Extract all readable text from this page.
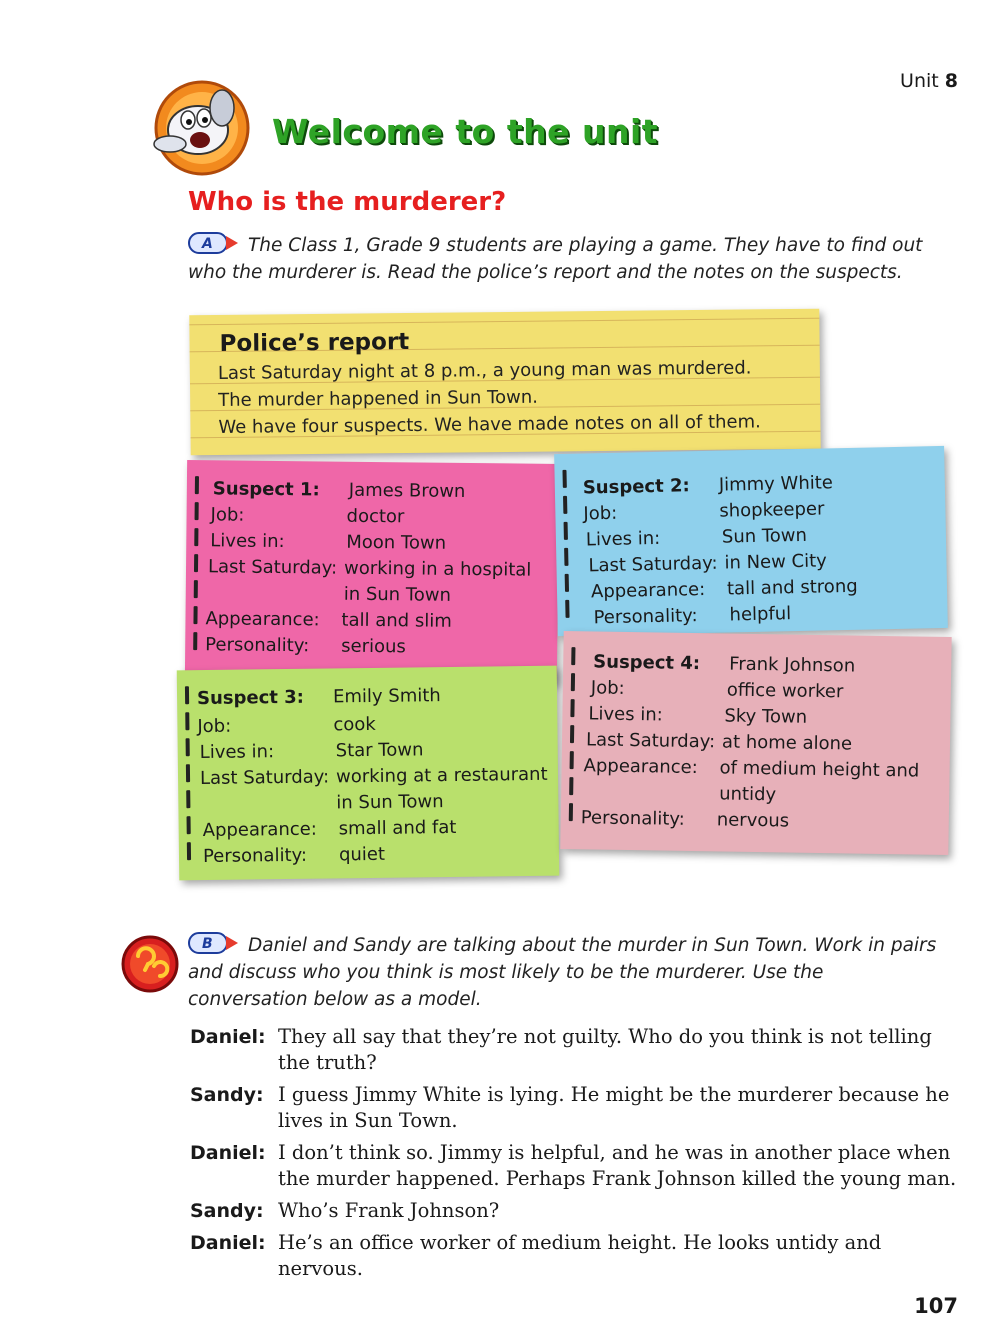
Unit 8
Welcome to the unit
Who is the murderer?
A The Class 1, Grade 9 students are playing a game. They have to find out who the murderer is. Read the police’s report and the notes on the suspects.
Police’s report
Last Saturday night at 8 p.m., a young man was murdered.
The murder happened in Sun Town.
We have four suspects. We have made notes on all of them.
Suspect 1:	James Brown
Job:	doctor
Lives in:	Moon Town
Last Saturday: working in a hospital
in Sun Town
Appearance:	tall and slim
Personality:	serious
Suspect 2:	Jimmy White
Job:	shopkeeper
Lives in:	Sun Town
Last Saturday: in New City
Appearance:	tall and strong
Personality:	helpful
Suspect 3:	Emily Smith
Job:	cook
Lives in:	Star Town
Last Saturday: working at a restaurant
in Sun Town
Appearance:	small and fat
Personality:	quiet
Suspect 4:	Frank Johnson
Job:	office worker
Lives in:	Sky Town
Last Saturday: at home alone
Appearance:	of medium height and
untidy
Personality:	nervous
B Daniel and Sandy are talking about the murder in Sun Town. Work in pairs and discuss who you think is most likely to be the murderer. Use the conversation below as a model.
Daniel: They all say that they’re not guilty. Who do you think is not telling the truth?
Sandy: I guess Jimmy White is lying. He might be the murderer because he lives in Sun Town.
Daniel: I don’t think so. Jimmy is helpful, and he was in another place when the murder happened. Perhaps Frank Johnson killed the young man.
Sandy: Who’s Frank Johnson?
Daniel: He’s an office worker of medium height. He looks untidy and nervous.
107
